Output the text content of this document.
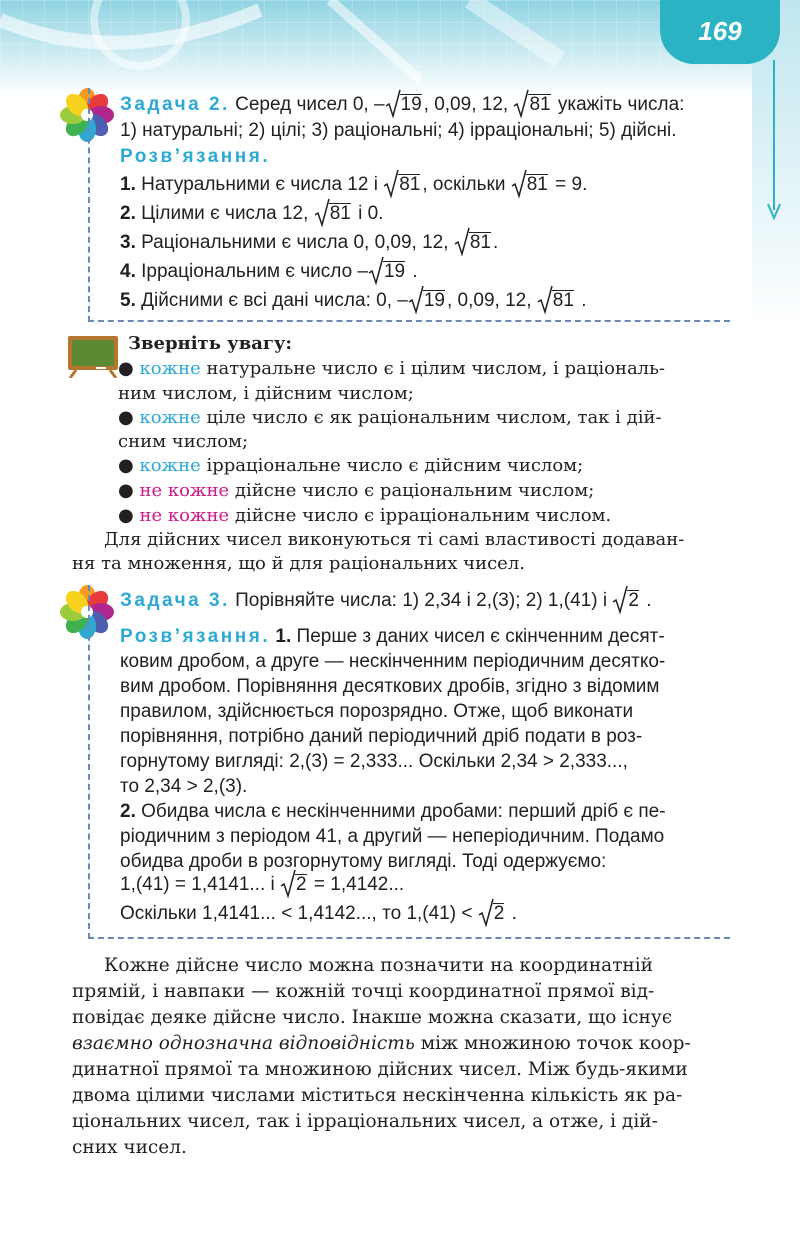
169
Задача 2. Серед чисел 0, – 19 , 0,09, 12, 81 укажіть числа:
1) натуральні; 2) цілі; 3) раціональні; 4) ірраціональні; 5) дійсні.
Розв’язання.
1. Натуральними є числа 12 і 81 , оскільки 81 = 9.
2. Цілими є числа 12, 81 і 0.
3. Раціональними є числа 0, 0,09, 12, 81 .
4. Ірраціональним є число – 19 .
5. Дійсними є всі дані числа: 0, – 19 , 0,09, 12, 81 .
Зверніть увагу:
● кожне натуральне число є і цілим числом, і раціональ-
ним числом, і дійсним числом;
● кожне ціле число є як раціональним числом, так і дій-
сним числом;
● кожне ірраціональне число є дійсним числом;
● не кожне дійсне число є раціональним числом;
● не кожне дійсне число є ірраціональним числом.
Для дійсних чисел виконуються ті самі властивості додаван-
ня та множення, що й для раціональних чисел.
Задача 3. Порівняйте числа: 1) 2,34 і 2,(3); 2) 1,(41) і 2 .
Розв’язання. 1. Перше з даних чисел є скінченним десят-
ковим дробом, а друге — нескінченним періодичним десятко-
вим дробом. Порівняння десяткових дробів, згідно з відомим
правилом, здійснюється порозрядно. Отже, щоб виконати
порівняння, потрібно даний періодичний дріб подати в роз-
горнутому вигляді: 2,(3) = 2,333... Оскільки 2,34 > 2,333...,
то 2,34 > 2,(3).
2. Обидва числа є нескінченними дробами: перший дріб є пе-
ріодичним з періодом 41, а другий — неперіодичним. Подамо
обидва дроби в розгорнутому вигляді. Тоді одержуємо:
1,(41) = 1,4141... і 2 = 1,4142...
Оскільки 1,4141... < 1,4142..., то 1,(41) < 2 .
Кожне дійсне число можна позначити на координатній
прямій, і навпаки — кожній точці координатної прямої від-
повідає деяке дійсне число. Інакше можна сказати, що існує
взаємно однозначна відповідність між множиною точок коор-
динатної прямої та множиною дійсних чисел. Між будь-якими
двома цілими числами міститься нескінченна кількість як ра-
ціональних чисел, так і ірраціональних чисел, а отже, і дій-
сних чисел.
